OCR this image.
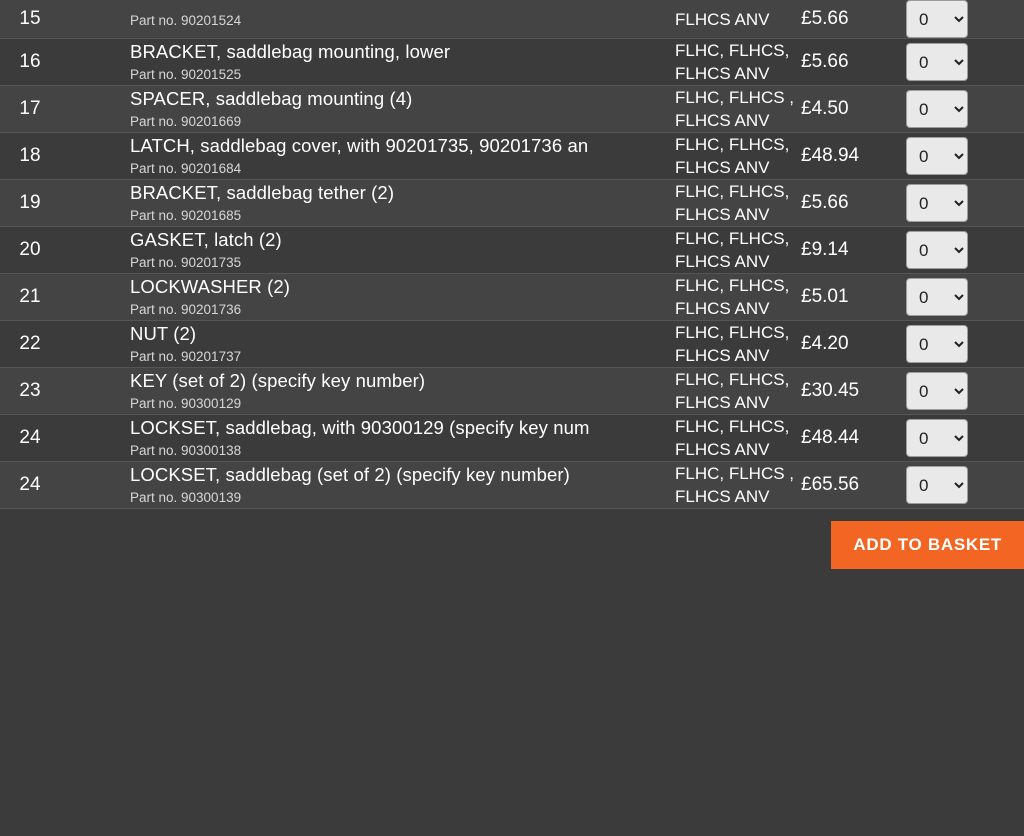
15		Part no. 90201524	FLHCS ANV	£5.66	
0
16		BRACKET, saddlebag mounting, lower
Part no. 90201525
	FLHC, FLHCS, FLHCS ANV	£5.66	
0
17		SPACER, saddlebag mounting (4)
Part no. 90201669
	FLHC, FLHCS , FLHCS ANV	£4.50	
0
18		LATCH, saddlebag cover, with 90201735, 90201736 an
Part no. 90201684
	FLHC, FLHCS, FLHCS ANV	£48.94	
0
19		BRACKET, saddlebag tether (2)
Part no. 90201685
	FLHC, FLHCS, FLHCS ANV	£5.66	
0
20		GASKET, latch (2)
Part no. 90201735
	FLHC, FLHCS, FLHCS ANV	£9.14	
0
21		LOCKWASHER (2)
Part no. 90201736
	FLHC, FLHCS, FLHCS ANV	£5.01	
0
22		NUT (2)
Part no. 90201737
	FLHC, FLHCS, FLHCS ANV	£4.20	
0
23		KEY (set of 2) (specify key number)
Part no. 90300129
	FLHC, FLHCS, FLHCS ANV	£30.45	
0
24		LOCKSET, saddlebag, with 90300129 (specify key num
Part no. 90300138
	FLHC, FLHCS, FLHCS ANV	£48.44	
0
24		LOCKSET, saddlebag (set of 2) (specify key number)
Part no. 90300139
	FLHC, FLHCS , FLHCS ANV	£65.56	
0
ADD TO BASKET
